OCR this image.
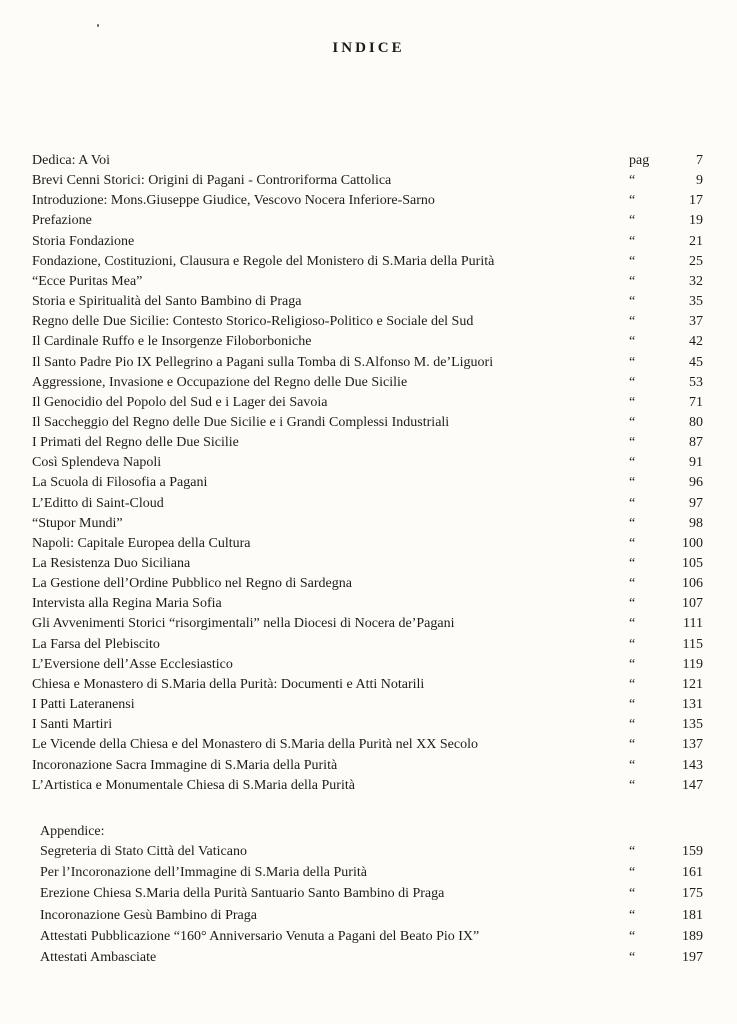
INDICE
Dedica: A Voi	pag	7
Brevi Cenni Storici: Origini di Pagani - Controriforma Cattolica	“	9
Introduzione: Mons.Giuseppe Giudice, Vescovo Nocera Inferiore-Sarno	“	17
Prefazione	“	19
Storia Fondazione	“	21
Fondazione, Costituzioni, Clausura e Regole del Monistero di S.Maria della Purità	“	25
“Ecce Puritas Mea”	“	32
Storia e Spiritualità del Santo Bambino di Praga	“	35
Regno delle Due Sicilie: Contesto Storico-Religioso-Politico e Sociale del Sud	“	37
Il Cardinale Ruffo e le Insorgenze Filoborboniche	“	42
Il Santo Padre Pio IX Pellegrino a Pagani sulla Tomba di S.Alfonso M. de’Liguori	“	45
Aggressione, Invasione e Occupazione del Regno delle Due Sicilie	“	53
Il Genocidio del Popolo del Sud e i Lager dei Savoia	“	71
Il Saccheggio del Regno delle Due Sicilie e i Grandi Complessi Industriali	“	80
I Primati del Regno delle Due Sicilie	“	87
Così Splendeva Napoli	“	91
La Scuola di Filosofia a Pagani	“	96
L’Editto di Saint-Cloud	“	97
“Stupor Mundi”	“	98
Napoli: Capitale Europea della Cultura	“	100
La Resistenza Duo Siciliana	“	105
La Gestione dell’Ordine Pubblico nel Regno di Sardegna	“	106
Intervista alla Regina Maria Sofia	“	107
Gli Avvenimenti Storici “risorgimentali” nella Diocesi di Nocera de’Pagani	“	111
La Farsa del Plebiscito	“	115
L’Eversione dell’Asse Ecclesiastico	“	119
Chiesa e Monastero di S.Maria della Purità: Documenti e Atti Notarili	“	121
I Patti Lateranensi	“	131
I Santi Martiri	“	135
Le Vicende della Chiesa e del Monastero di S.Maria della Purità nel XX Secolo	“	137
Incoronazione Sacra Immagine di S.Maria della Purità	“	143
L’Artistica e Monumentale Chiesa di S.Maria della Purità	“	147
Appendice:
Segreteria di Stato Città del Vaticano	“	159
Per l’Incoronazione dell’Immagine di S.Maria della Purità	“	161
Erezione Chiesa S.Maria della Purità Santuario Santo Bambino di Praga	“	175
Incoronazione Gesù Bambino di Praga	“	181
Attestati Pubblicazione “160° Anniversario Venuta a Pagani del Beato Pio IX”	“	189
Attestati Ambasciate	“	197
